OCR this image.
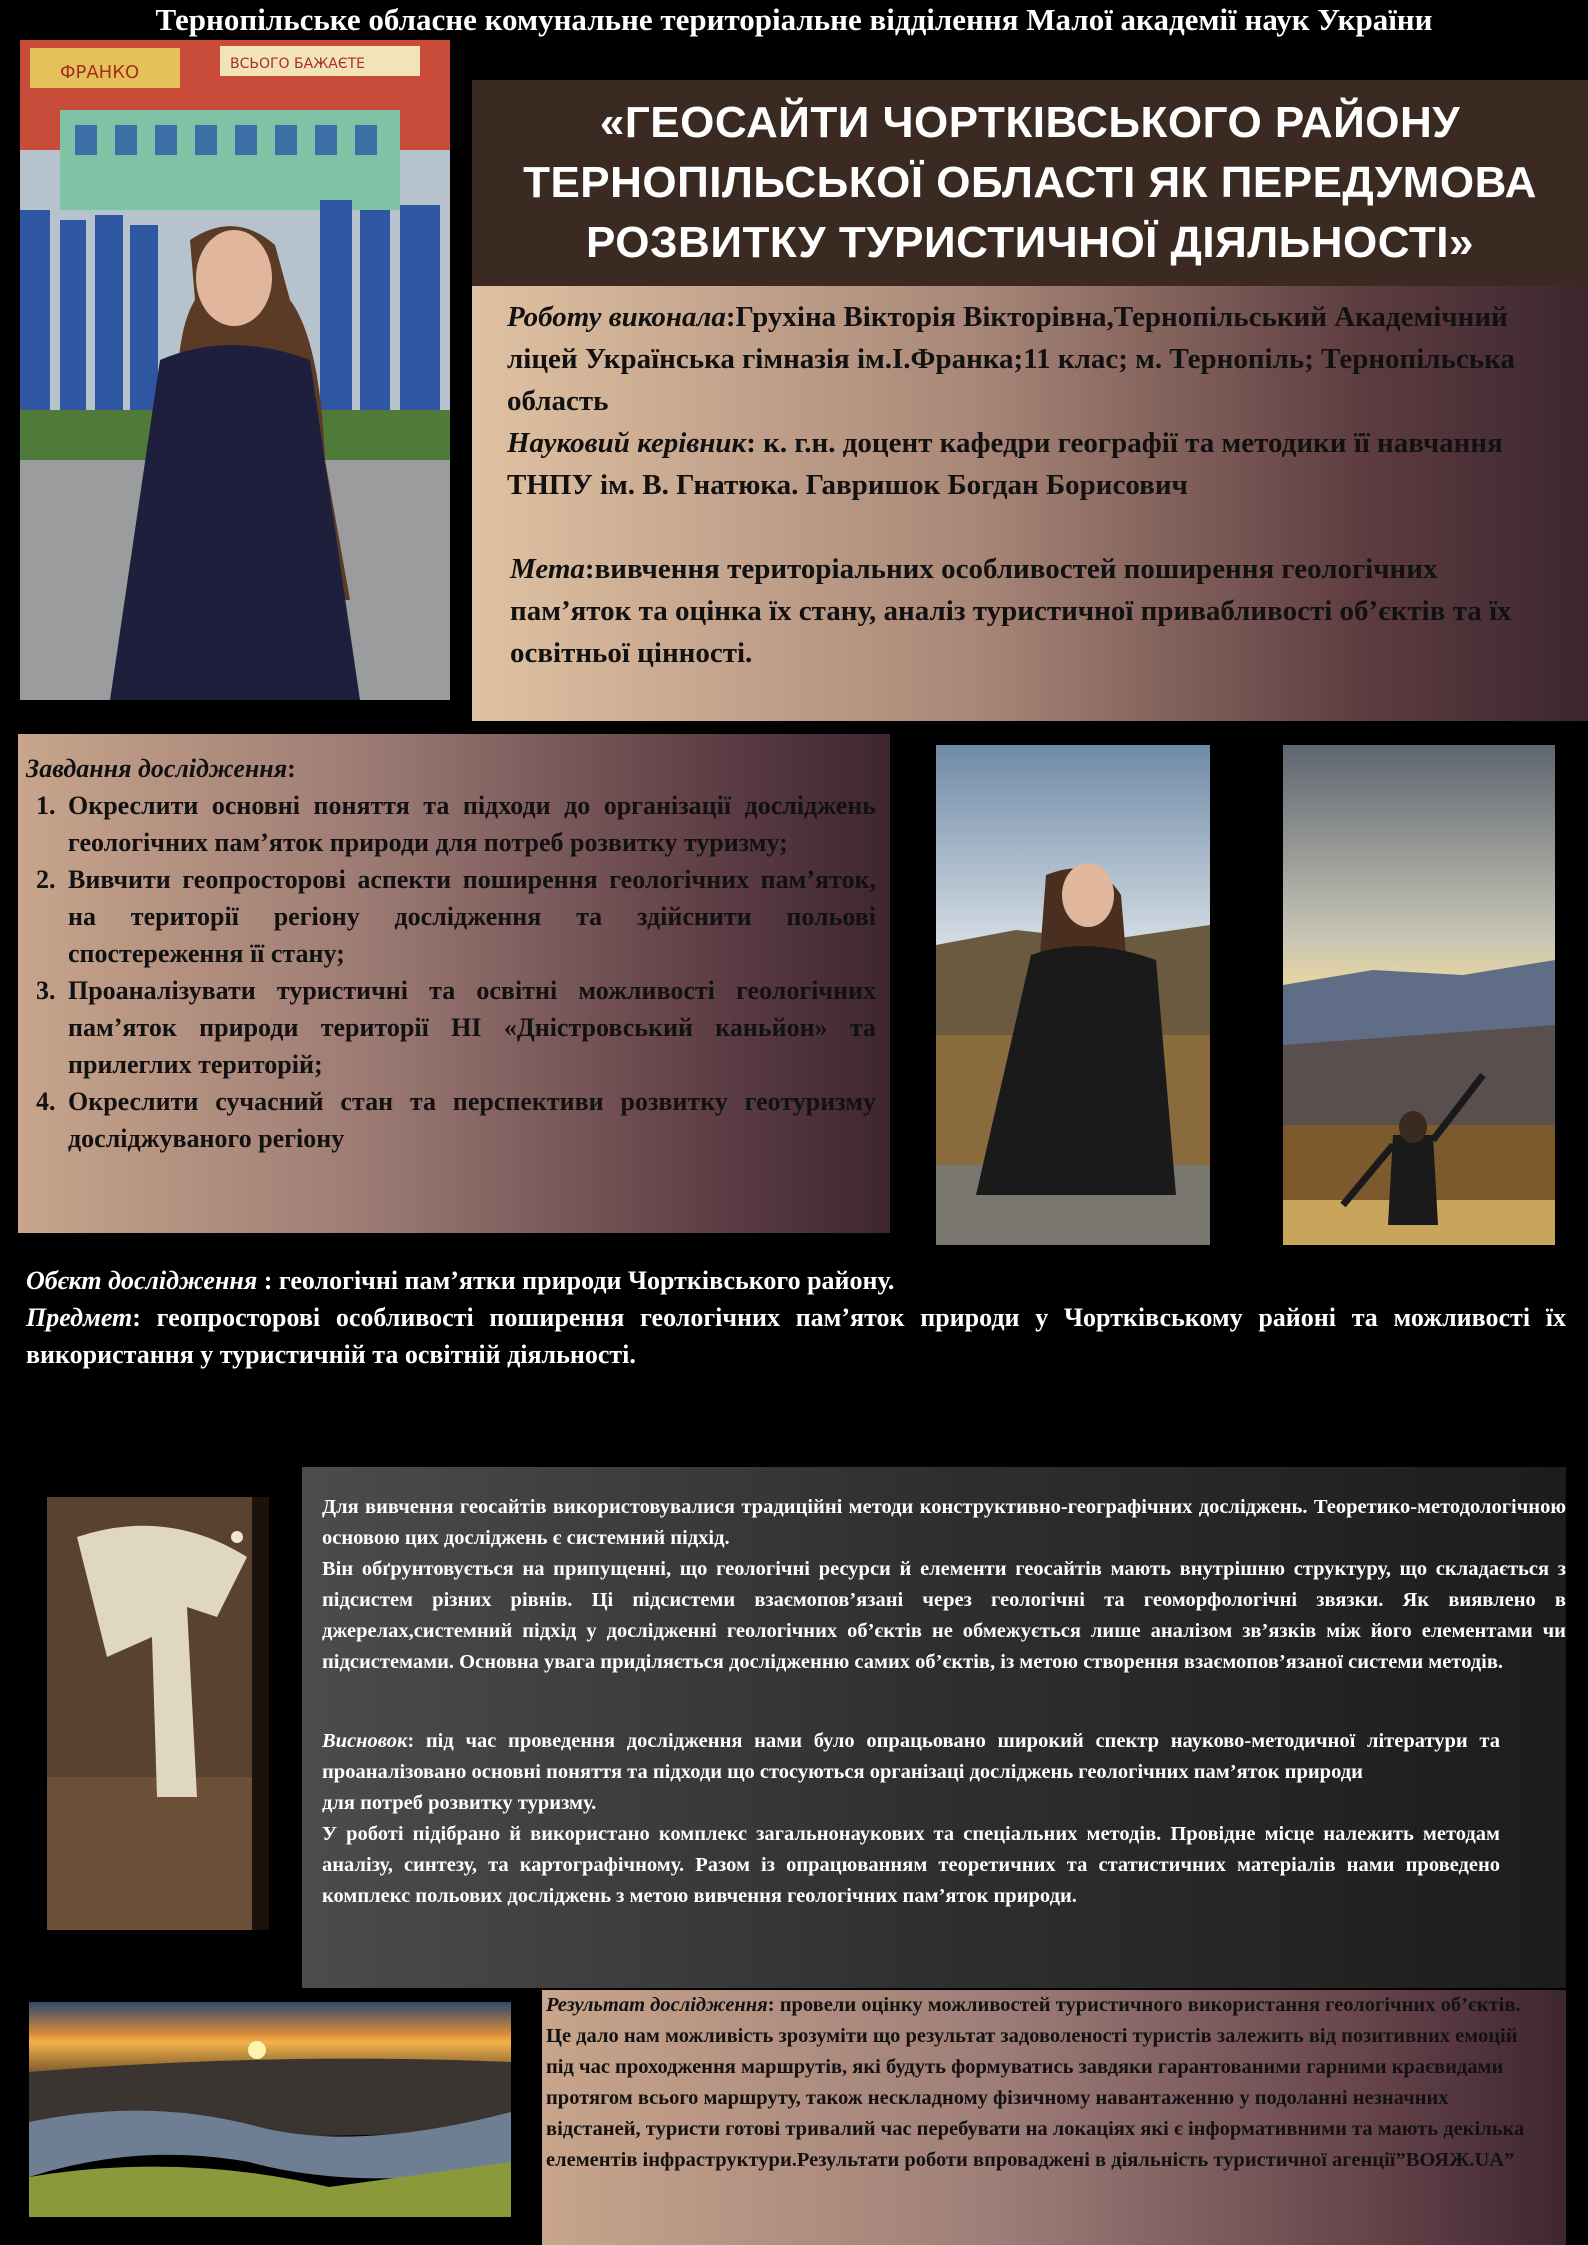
Тернопільське обласне комунальне територіальне відділення Малої академії наук України
ФРАНКО	ВСЬОГО БАЖАЄТЕ
«ГЕОСАЙТИ ЧОРТКІВСЬКОГО РАЙОНУ
ТЕРНОПІЛЬСЬКОЇ ОБЛАСТІ ЯК ПЕРЕДУМОВА
РОЗВИТКУ ТУРИСТИЧНОЇ ДІЯЛЬНОСТІ»

Роботу виконала:Грухіна Вікторія Вікторівна,Тернопільський Академічний ліцей Українська гімназія ім.І.Франка;11 клас; м. Тернопіль; Тернопільська область

Науковий керівник: к. г.н. доцент кафедри географії та методики її навчання ТНПУ ім. В. Гнатюка. Гавришок Богдан Борисович

Мета:вивчення територіальних особливостей поширення геологічних пам’яток та оцінка їх стану, аналіз туристичної привабливості об’єктів та їх освітньої цінності.

Завдання дослідження:

1. Окреслити основні поняття та підходи до організації досліджень геологічних пам’яток природи для потреб розвитку туризму;
2. Вивчити геопросторові аспекти поширення геологічних пам’яток, на території регіону дослідження та здійснити польові спостереження її стану;
3. Проаналізувати туристичні та освітні можливості геологічних пам’яток природи території НІ «Дністровський каньйон» та прилеглих територій;
4. Окреслити сучасний стан та перспективи розвитку геотуризму досліджуваного регіону

Обєкт дослідження : геологічні пам’ятки природи Чортківського району.

Предмет: геопросторові особливості поширення геологічних пам’яток природи у Чортківському районі та можливості їх використання у туристичній та освітній діяльності.

Для вивчення геосайтів використовувалися традиційні методи конструктивно-географічних досліджень. Теоретико-методологічною основою цих досліджень є системний підхід.

Він обґрунтовується на припущенні, що геологічні ресурси й елементи геосайтів мають внутрішню структуру, що складається з підсистем різних рівнів. Ці підсистеми взаємопов’язані через геологічні та геоморфологічні звязки. Як виявлено в джерелах,системний підхід у дослідженні геологічних об’єктів не обмежується лише аналізом зв’язків між його елементами чи підсистемами. Основна увага приділяється дослідженню самих об’єктів, із метою створення взаємопов’язаної системи методів.

Висновок: під час проведення дослідження нами було опрацьовано широкий спектр науково-методичної літератури та проаналізовано основні поняття та підходи що стосуються організаці досліджень геологічних пам’яток природи

для потреб розвитку туризму.

У роботі підібрано й використано комплекс загальнонаукових та спеціальних методів. Провідне місце належить методам аналізу, синтезу, та картографічному. Разом із опрацюванням теоретичних та статистичних матеріалів нами проведено комплекс польових досліджень з метою вивчення геологічних пам’яток природи.

Результат дослідження: провели оцінку можливостей туристичного використання геологічних об’єктів. Це дало нам можливість зрозуміти що результат задоволеності туристів залежить від позитивних емоцій під час проходження маршрутів, які будуть формуватись завдяки гарантованими гарними краєвидами протягом всього маршруту, також нескладному фізичному навантаженню у подоланні незначних відстаней, туристи готові тривалий час перебувати на локаціях які є інформативними та мають декілька елементів інфраструктури.Результати роботи впроваджені в діяльність туристичної агенції”ВОЯЖ.UA”
